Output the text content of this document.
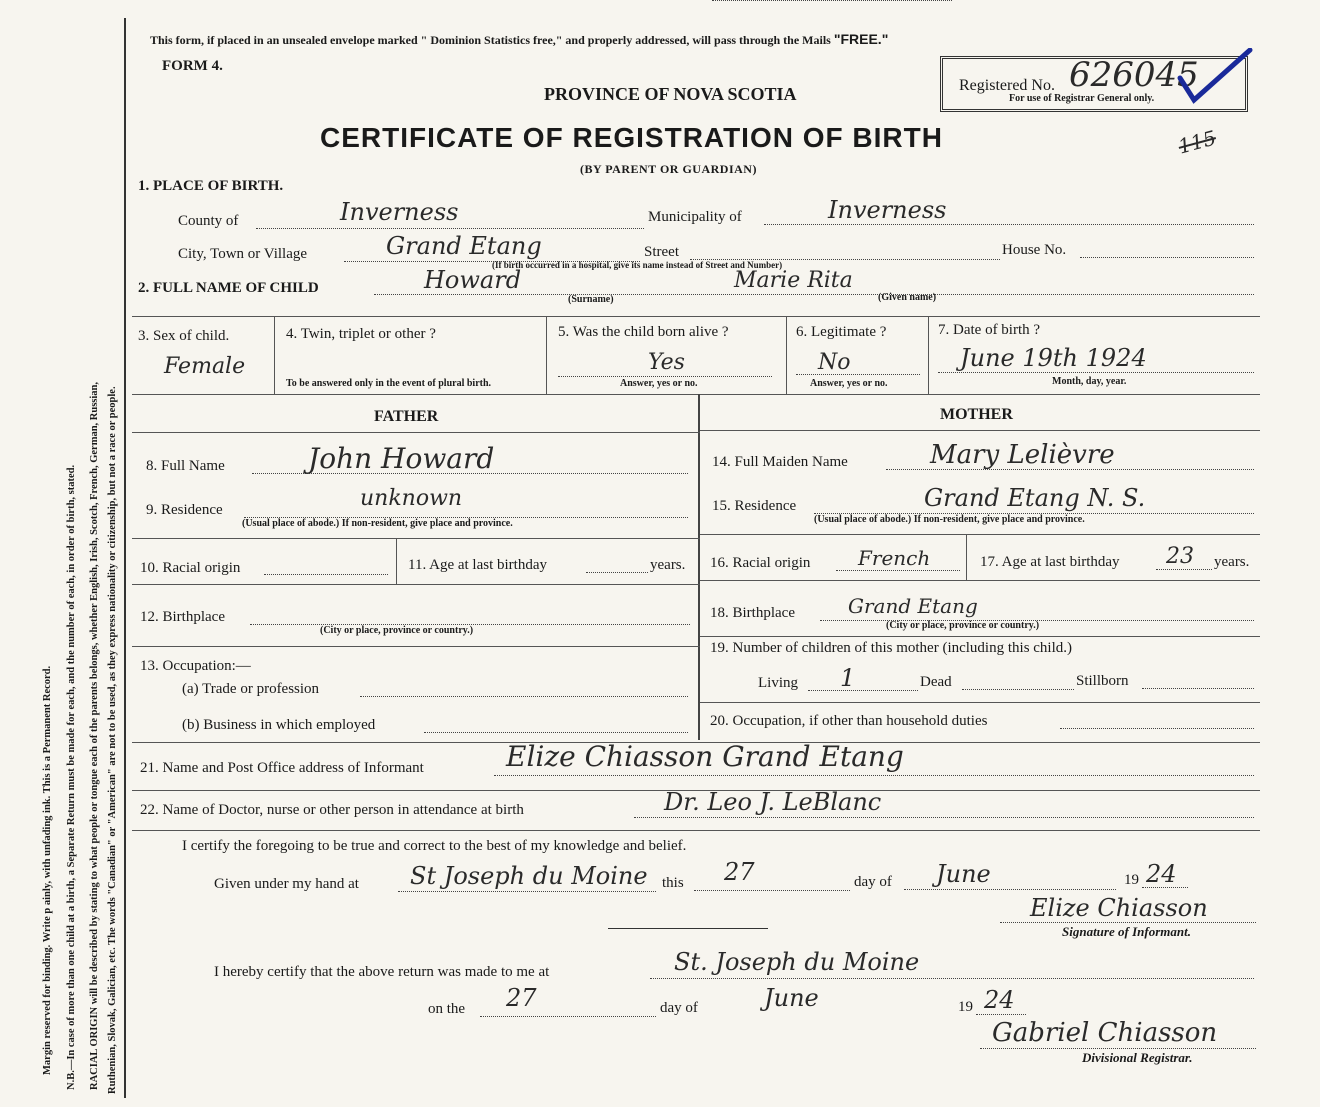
Margin reserved for binding. Write p ainly, with unfading ink. This is a Permanent Record. N.B.—In case of more than one child at a birth, a Separate Return must be made for each, and the number of each, in order of birth, stated. RACIAL ORIGIN will be described by stating to what people or tongue each of the parents belongs, whether English, Irish, Scotch, French, German, Russian, Ruthenian, Slovak, Galician, etc. The words "Canadian" or "American" are not to be used, as they express nationality or citizenship, but not a race or people.
This form, if placed in an unsealed envelope marked " Dominion Statistics free," and properly addressed, will pass through the Mails "FREE."
FORM 4.
PROVINCE OF NOVA SCOTIA
CERTIFICATE OF REGISTRATION OF BIRTH
(BY PARENT OR GUARDIAN)
Registered No. 626045
For use of Registrar General only.
115
1. PLACE OF BIRTH.
County of	Inverness	Municipality of	Inverness
City, Town or Village	Grand Etang	Street
(If birth occurred in a hospital, give its name instead of Street and Number)
House No.
2. FULL NAME OF CHILD	Howard
(Surname)
Marie Rita
(Given name)
3. Sex of child.
Female
4. Twin, triplet or other ?
To be answered only in the event of plural birth.
5. Was the child born alive ?
Yes
Answer, yes or no.
6. Legitimate ?
No
Answer, yes or no.
7. Date of birth ?
June 19th 1924
Month, day, year.
FATHER	MOTHER
8. Full Name	John Howard
9. Residence	unknown
(Usual place of abode.) If non-resident, give place and province.
10. Racial origin	11. Age at last birthday	years.
12. Birthplace
(City or place, province or country.)
13. Occupation:—
(a) Trade or profession
(b) Business in which employed
14. Full Maiden Name	Mary Lelièvre
15. Residence	Grand Etang N. S.
(Usual place of abode.) If non-resident, give place and province.
16. Racial origin French	17. Age at last birthday 23 years.
18. Birthplace	Grand Etang
(City or place, province or country.)
19. Number of children of this mother (including this child.)
Living 1	Dead	Stillborn
20. Occupation, if other than household duties
21. Name and Post Office address of Informant	Elize Chiasson Grand Etang
22. Name of Doctor, nurse or other person in attendance at birth	Dr. Leo J. LeBlanc
I certify the foregoing to be true and correct to the best of my knowledge and belief.
Given under my hand at St Joseph du Moine this 27	day of June	19 24
Elize Chiasson
Signature of Informant.
I hereby certify that the above return was made to me at	St. Joseph du Moine
on the 27	day of	June	19 24
Gabriel Chiasson
Divisional Registrar.
